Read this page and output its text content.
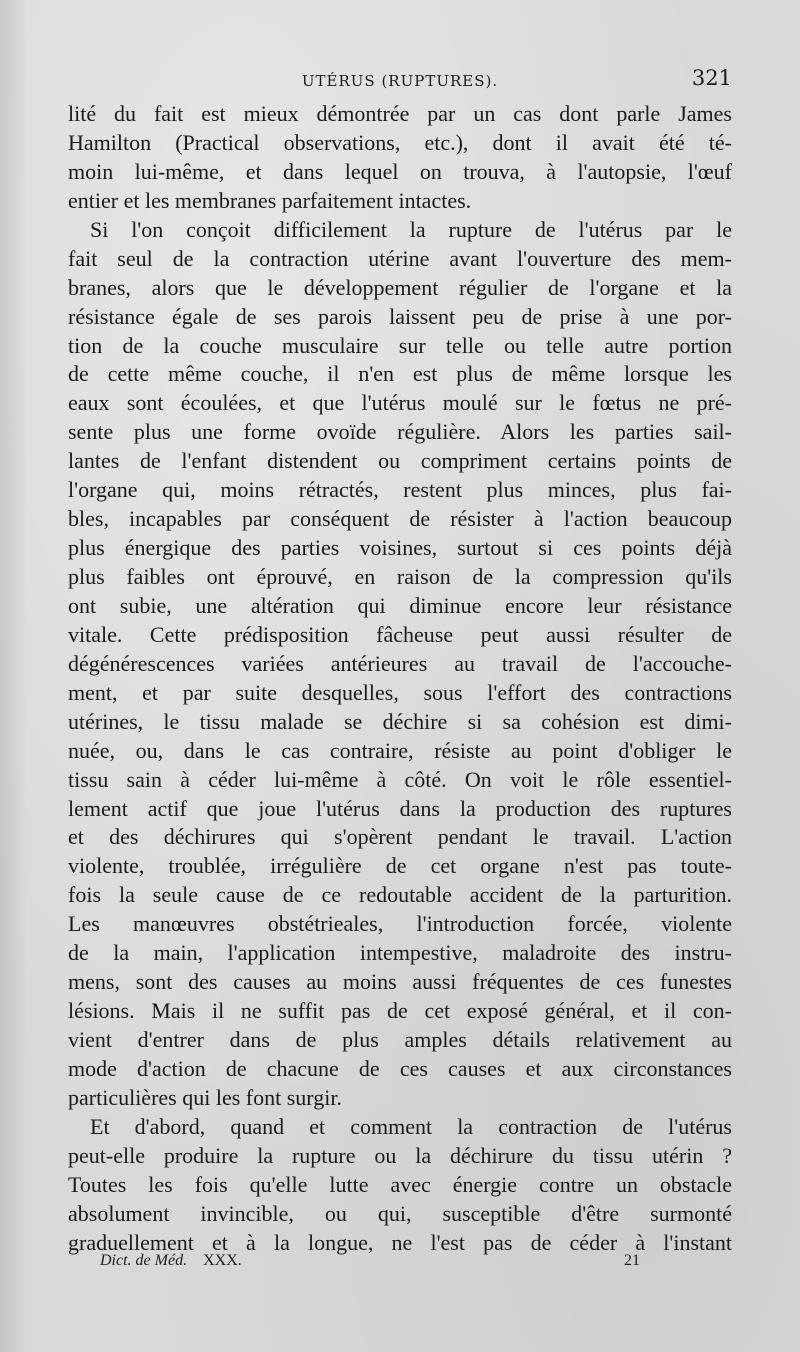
UTÉRUS (RUPTURES).	321
lité du fait est mieux démontrée par un cas dont parle James
Hamilton (Practical observations, etc.), dont il avait été té-
moin lui-même, et dans lequel on trouva, à l'autopsie, l'œuf
entier et les membranes parfaitement intactes.
Si l'on conçoit difficilement la rupture de l'utérus par le
fait seul de la contraction utérine avant l'ouverture des mem-
branes, alors que le développement régulier de l'organe et la
résistance égale de ses parois laissent peu de prise à une por-
tion de la couche musculaire sur telle ou telle autre portion
de cette même couche, il n'en est plus de même lorsque les
eaux sont écoulées, et que l'utérus moulé sur le fœtus ne pré-
sente plus une forme ovoïde régulière. Alors les parties sail-
lantes de l'enfant distendent ou compriment certains points de
l'organe qui, moins rétractés, restent plus minces, plus fai-
bles, incapables par conséquent de résister à l'action beaucoup
plus énergique des parties voisines, surtout si ces points déjà
plus faibles ont éprouvé, en raison de la compression qu'ils
ont subie, une altération qui diminue encore leur résistance
vitale. Cette prédisposition fâcheuse peut aussi résulter de
dégénérescences variées antérieures au travail de l'accouche-
ment, et par suite desquelles, sous l'effort des contractions
utérines, le tissu malade se déchire si sa cohésion est dimi-
nuée, ou, dans le cas contraire, résiste au point d'obliger le
tissu sain à céder lui-même à côté. On voit le rôle essentiel-
lement actif que joue l'utérus dans la production des ruptures
et des déchirures qui s'opèrent pendant le travail. L'action
violente, troublée, irrégulière de cet organe n'est pas toute-
fois la seule cause de ce redoutable accident de la parturition.
Les manœuvres obstétrieales, l'introduction forcée, violente
de la main, l'application intempestive, maladroite des instru-
mens, sont des causes au moins aussi fréquentes de ces funestes
lésions. Mais il ne suffit pas de cet exposé général, et il con-
vient d'entrer dans de plus amples détails relativement au
mode d'action de chacune de ces causes et aux circonstances
particulières qui les font surgir.
Et d'abord, quand et comment la contraction de l'utérus
peut-elle produire la rupture ou la déchirure du tissu utérin ?
Toutes les fois qu'elle lutte avec énergie contre un obstacle
absolument invincible, ou qui, susceptible d'être surmonté
graduellement et à la longue, ne l'est pas de céder à l'instant
Dict. de Méd. XXX.	21
